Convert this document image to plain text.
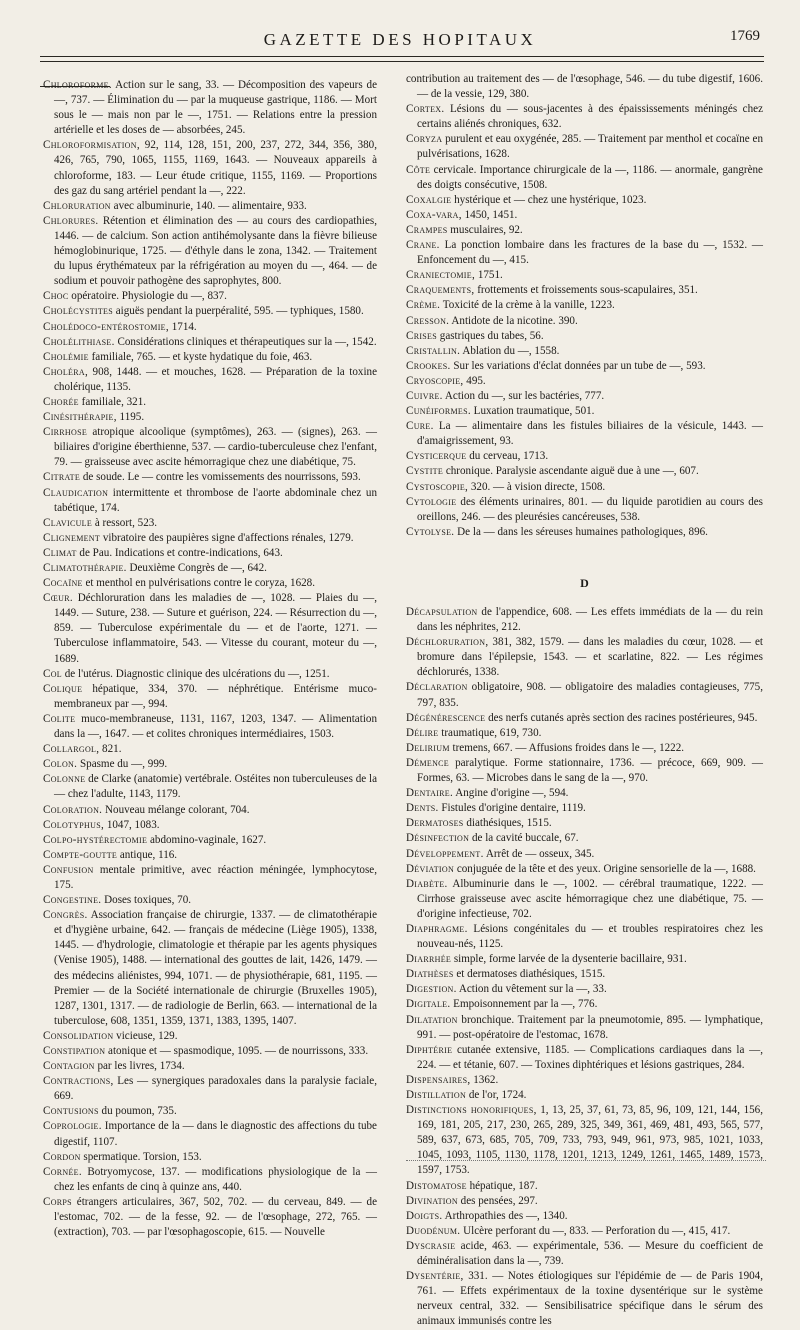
GAZETTE DES HOPITAUX	1769

Chloroforme. Action sur le sang, 33. — Décomposition des vapeurs de —, 737. — Élimination du — par la muqueuse gastrique, 1186. — Mort sous le — mais non par le —, 1751. — Relations entre la pression artérielle et les doses de — absorbées, 245.

Chloroformisation, 92, 114, 128, 151, 200, 237, 272, 344, 356, 380, 426, 765, 790, 1065, 1155, 1169, 1643. — Nouveaux appareils à chloroforme, 183. — Leur étude critique, 1155, 1169. — Proportions des gaz du sang artériel pendant la —, 222.

Chloruration avec albuminurie, 140. — alimentaire, 933.

Chlorures. Rétention et élimination des — au cours des cardiopathies, 1446. — de calcium. Son action antihémolysante dans la fièvre bilieuse hémoglobinurique, 1725. — d'éthyle dans le zona, 1342. — Traitement du lupus érythémateux par la réfrigération au moyen du —, 464. — de sodium et pouvoir pathogène des saprophytes, 800.

Choc opératoire. Physiologie du —, 837.

Cholécystites aiguës pendant la puerpéralité, 595. — typhiques, 1580.

Cholédoco-entérostomie, 1714.

Cholélithiase. Considérations cliniques et thérapeutiques sur la —, 1542.

Cholémie familiale, 765. — et kyste hydatique du foie, 463.

Choléra, 908, 1448. — et mouches, 1628. — Préparation de la toxine cholérique, 1135.

Chorée familiale, 321.

Cinésithérapie, 1195.

Cirrhose atropique alcoolique (symptômes), 263. — (signes), 263. — biliaires d'origine éberthienne, 537. — cardio-tuberculeuse chez l'enfant, 79. — graisseuse avec ascite hémorragique chez une diabétique, 75.

Citrate de soude. Le — contre les vomissements des nourrissons, 593.

Claudication intermittente et thrombose de l'aorte abdominale chez un tabétique, 174.

Clavicule à ressort, 523.

Clignement vibratoire des paupières signe d'affections rénales, 1279.

Climat de Pau. Indications et contre-indications, 643.

Climatothérapie. Deuxième Congrès de —, 642.

Cocaïne et menthol en pulvérisations contre le coryza, 1628.

Cœur. Déchloruration dans les maladies de —, 1028. — Plaies du —, 1449. — Suture, 238. — Suture et guérison, 224. — Résurrection du —, 859. — Tuberculose expérimentale du — et de l'aorte, 1271. — Tuberculose inflammatoire, 543. — Vitesse du courant, moteur du —, 1689.

Col de l'utérus. Diagnostic clinique des ulcérations du —, 1251.

Colique hépatique, 334, 370. — néphrétique. Entérisme muco-membraneux par —, 994.

Colite muco-membraneuse, 1131, 1167, 1203, 1347. — Alimentation dans la —, 1647. — et colites chroniques intermédiaires, 1503.

Collargol, 821.

Colon. Spasme du —, 999.

Colonne de Clarke (anatomie) vertébrale. Ostéites non tuberculeuses de la — chez l'adulte, 1143, 1179.

Coloration. Nouveau mélange colorant, 704.

Colotyphus, 1047, 1083.

Colpo-hystérectomie abdomino-vaginale, 1627.

Compte-goutte antique, 116.

Confusion mentale primitive, avec réaction méningée, lymphocytose, 175.

Congestine. Doses toxiques, 70.

Congrès. Association française de chirurgie, 1337. — de climatothérapie et d'hygiène urbaine, 642. — français de médecine (Liège 1905), 1338, 1445. — d'hydrologie, climatologie et thérapie par les agents physiques (Venise 1905), 1488. — international des gouttes de lait, 1426, 1479. — des médecins aliénistes, 994, 1071. — de physiothérapie, 681, 1195. — Premier — de la Société internationale de chirurgie (Bruxelles 1905), 1287, 1301, 1317. — de radiologie de Berlin, 663. — international de la tuberculose, 608, 1351, 1359, 1371, 1383, 1395, 1407.

Consolidation vicieuse, 129.

Constipation atonique et — spasmodique, 1095. — de nourrissons, 333.

Contagion par les livres, 1734.

Contractions, Les — synergiques paradoxales dans la paralysie faciale, 669.

Contusions du poumon, 735.

Coprologie. Importance de la — dans le diagnostic des affections du tube digestif, 1107.

Cordon spermatique. Torsion, 153.

Cornée. Botryomycose, 137. — modifications physiologique de la — chez les enfants de cinq à quinze ans, 440.

Corps étrangers articulaires, 367, 502, 702. — du cerveau, 849. — de l'estomac, 702. — de la fesse, 92. — de l'œsophage, 272, 765. — (extraction), 703. — par l'œsophagoscopie, 615. — Nouvelle

contribution au traitement des — de l'œsophage, 546. — du tube digestif, 1606. — de la vessie, 129, 380.

Cortex. Lésions du — sous-jacentes à des épaississements méningés chez certains aliénés chroniques, 632.

Coryza purulent et eau oxygénée, 285. — Traitement par menthol et cocaïne en pulvérisations, 1628.

Côte cervicale. Importance chirurgicale de la —, 1186. — anormale, gangrène des doigts consécutive, 1508.

Coxalgie hystérique et — chez une hystérique, 1023.

Coxa-vara, 1450, 1451.

Crampes musculaires, 92.

Crane. La ponction lombaire dans les fractures de la base du —, 1532. — Enfoncement du —, 415.

Craniectomie, 1751.

Craquements, frottements et froissements sous-scapulaires, 351.

Crème. Toxicité de la crème à la vanille, 1223.

Cresson. Antidote de la nicotine. 390.

Crises gastriques du tabes, 56.

Cristallin. Ablation du —, 1558.

Crookes. Sur les variations d'éclat données par un tube de —, 593.

Cryoscopie, 495.

Cuivre. Action du —, sur les bactéries, 777.

Cunéiformes. Luxation traumatique, 501.

Cure. La — alimentaire dans les fistules biliaires de la vésicule, 1443. — d'amaigrissement, 93.

Cysticerque du cerveau, 1713.

Cystite chronique. Paralysie ascendante aiguë due à une —, 607.

Cystoscopie, 320. — à vision directe, 1508.

Cytologie des éléments urinaires, 801. — du liquide parotidien au cours des oreillons, 246. — des pleurésies cancéreuses, 538.

Cytolyse. De la — dans les séreuses humaines pathologiques, 896.

D

Décapsulation de l'appendice, 608. — Les effets immédiats de la — du rein dans les néphrites, 212.

Déchloruration, 381, 382, 1579. — dans les maladies du cœur, 1028. — et bromure dans l'épilepsie, 1543. — et scarlatine, 822. — Les régimes déchlorurés, 1338.

Déclaration obligatoire, 908. — obligatoire des maladies contagieuses, 775, 797, 835.

Dégénérescence des nerfs cutanés après section des racines postérieures, 945.

Délire traumatique, 619, 730.

Delirium tremens, 667. — Affusions froides dans le —, 1222.

Démence paralytique. Forme stationnaire, 1736. — précoce, 669, 909. — Formes, 63. — Microbes dans le sang de la —, 970.

Dentaire. Angine d'origine —, 594.

Dents. Fistules d'origine dentaire, 1119.

Dermatoses diathésiques, 1515.

Désinfection de la cavité buccale, 67.

Développement. Arrêt de — osseux, 345.

Déviation conjuguée de la tête et des yeux. Origine sensorielle de la —, 1688.

Diabète. Albuminurie dans le —, 1002. — cérébral traumatique, 1222. — Cirrhose graisseuse avec ascite hémorragique chez une diabétique, 75. — d'origine infectieuse, 702.

Diaphragme. Lésions congénitales du — et troubles respiratoires chez les nouveau-nés, 1125.

Diarrhée simple, forme larvée de la dysenterie bacillaire, 931.

Diathèses et dermatoses diathésiques, 1515.

Digestion. Action du vêtement sur la —, 33.

Digitale. Empoisonnement par la —, 776.

Dilatation bronchique. Traitement par la pneumotomie, 895. — lymphatique, 991. — post-opératoire de l'estomac, 1678.

Diphtérie cutanée extensive, 1185. — Complications cardiaques dans la —, 224. — et tétanie, 607. — Toxines diphtériques et lésions gastriques, 284.

Dispensaires, 1362.

Distillation de l'or, 1724.

Distinctions honorifiques, 1, 13, 25, 37, 61, 73, 85, 96, 109, 121, 144, 156, 169, 181, 205, 217, 230, 265, 289, 325, 349, 361, 469, 481, 493, 565, 577, 589, 637, 673, 685, 705, 709, 733, 793, 949, 961, 973, 985, 1021, 1033, 1045, 1093, 1105, 1130, 1178, 1201, 1213, 1249, 1261, 1465, 1489, 1573, 1597, 1753.

Distomatose hépatique, 187.

Divination des pensées, 297.

Doigts. Arthropathies des —, 1340.

Duodénum. Ulcère perforant du —, 833. — Perforation du —, 415, 417.

Dyscrasie acide, 463. — expérimentale, 536. — Mesure du coefficient de déminéralisation dans la —, 739.

Dysentérie, 331. — Notes étiologiques sur l'épidémie de — de Paris 1904, 761. — Effets expérimentaux de la toxine dysentérique sur le système nerveux central, 332. — Sensibilisatrice spécifique dans le sérum des animaux immunisés contre les
